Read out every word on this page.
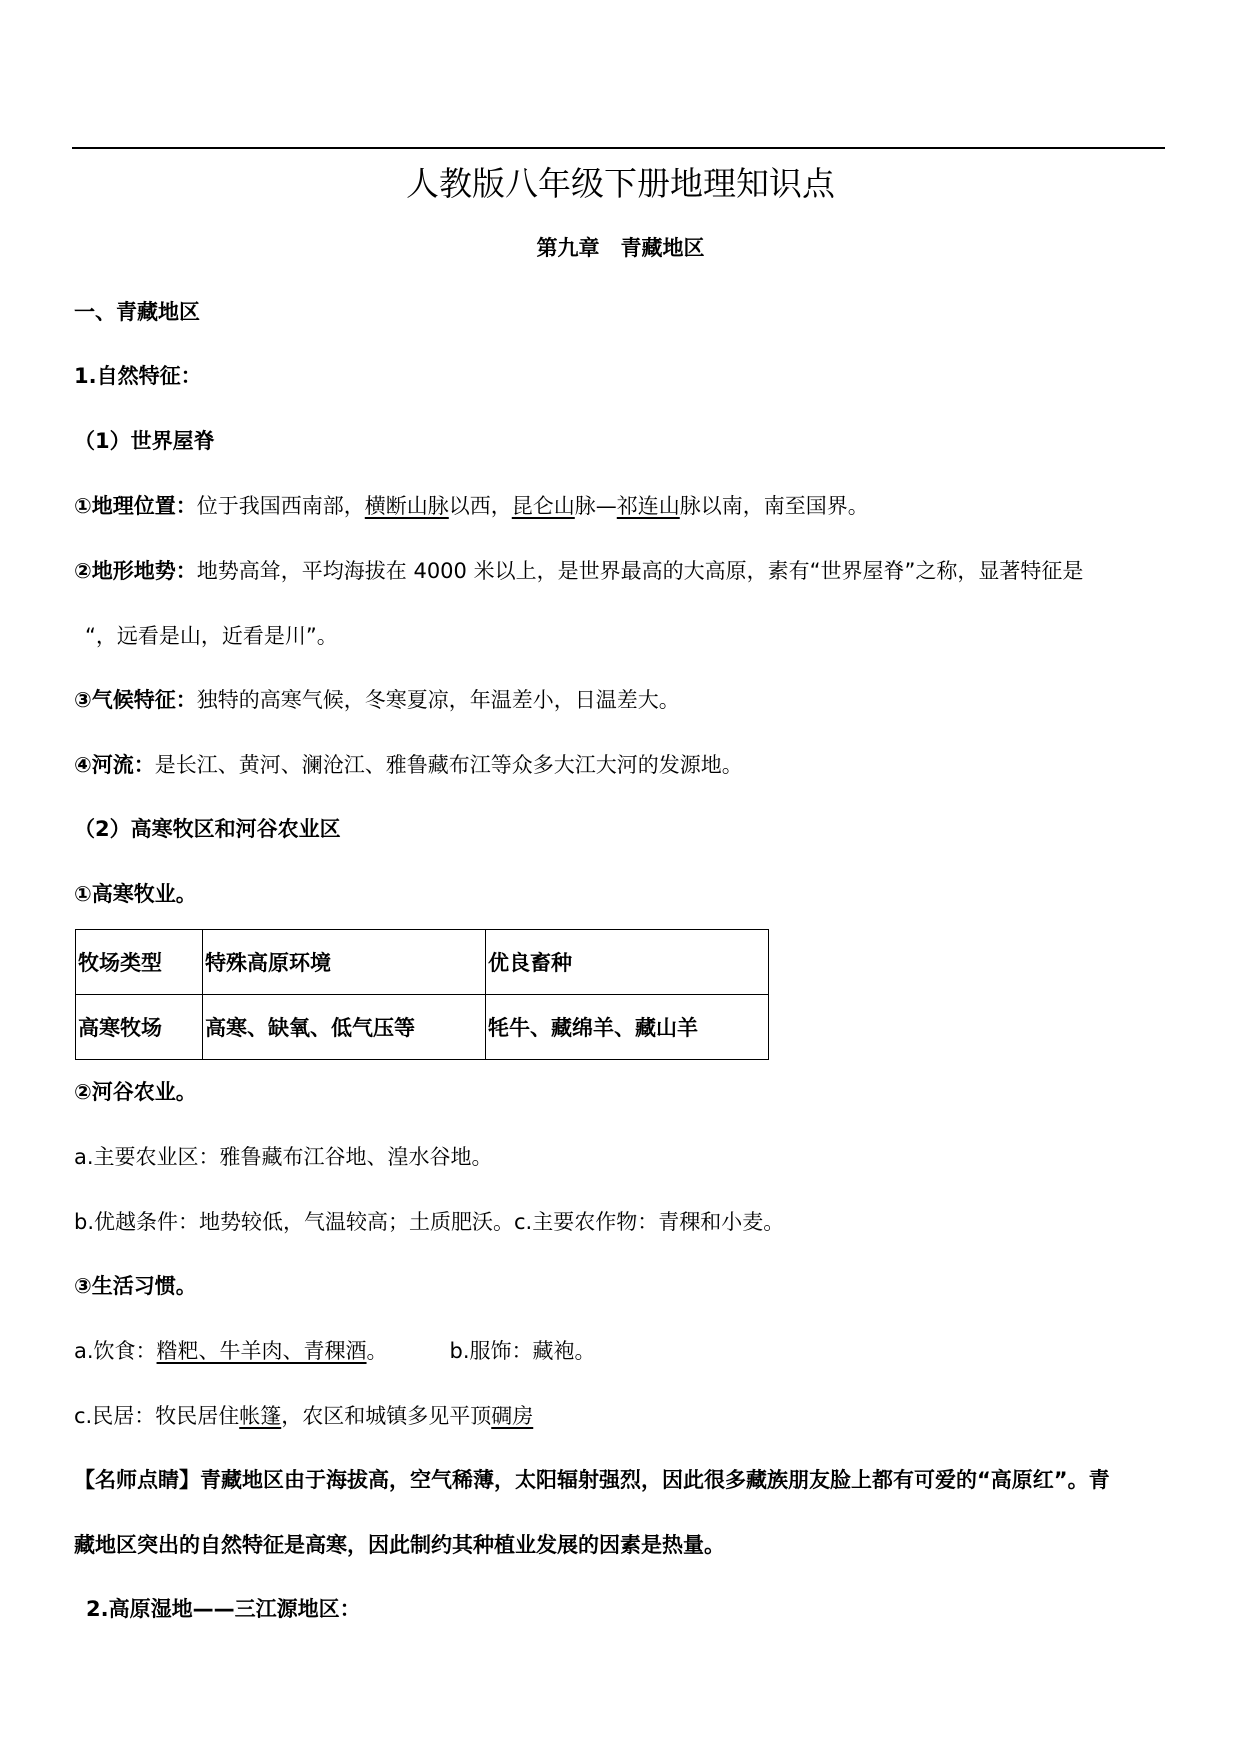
人教版八年级下册地理知识点

第九章 青藏地区

一、青藏地区

1.自然特征：

（1）世界屋脊

①地理位置：位于我国西南部，横断山脉以西，昆仑山脉—祁连山脉以南，南至国界。

②地形地势：地势高耸，平均海拔在 4000 米以上，是世界最高的大高原，素有“世界屋脊”之称，显著特征是

“，远看是山，近看是川”。

③气候特征：独特的高寒气候，冬寒夏凉，年温差小，日温差大。

④河流：是长江、黄河、澜沧江、雅鲁藏布江等众多大江大河的发源地。

（2）高寒牧区和河谷农业区

①高寒牧业。

牧场类型	特殊高原环境	优良畜种
高寒牧场	高寒、缺氧、低气压等	牦牛、藏绵羊、藏山羊

②河谷农业。

a.主要农业区：雅鲁藏布江谷地、湟水谷地。

b.优越条件：地势较低，气温较高；土质肥沃。c.主要农作物：青稞和小麦。

③生活习惯。

a.饮食：糌粑、牛羊肉、青稞酒。	b.服饰：藏袍。

c.民居：牧民居住帐篷，农区和城镇多见平顶碉房

【名师点睛】青藏地区由于海拔高，空气稀薄，太阳辐射强烈，因此很多藏族朋友脸上都有可爱的“高原红”。青

藏地区突出的自然特征是高寒，因此制约其种植业发展的因素是热量。

2.高原湿地——三江源地区：
